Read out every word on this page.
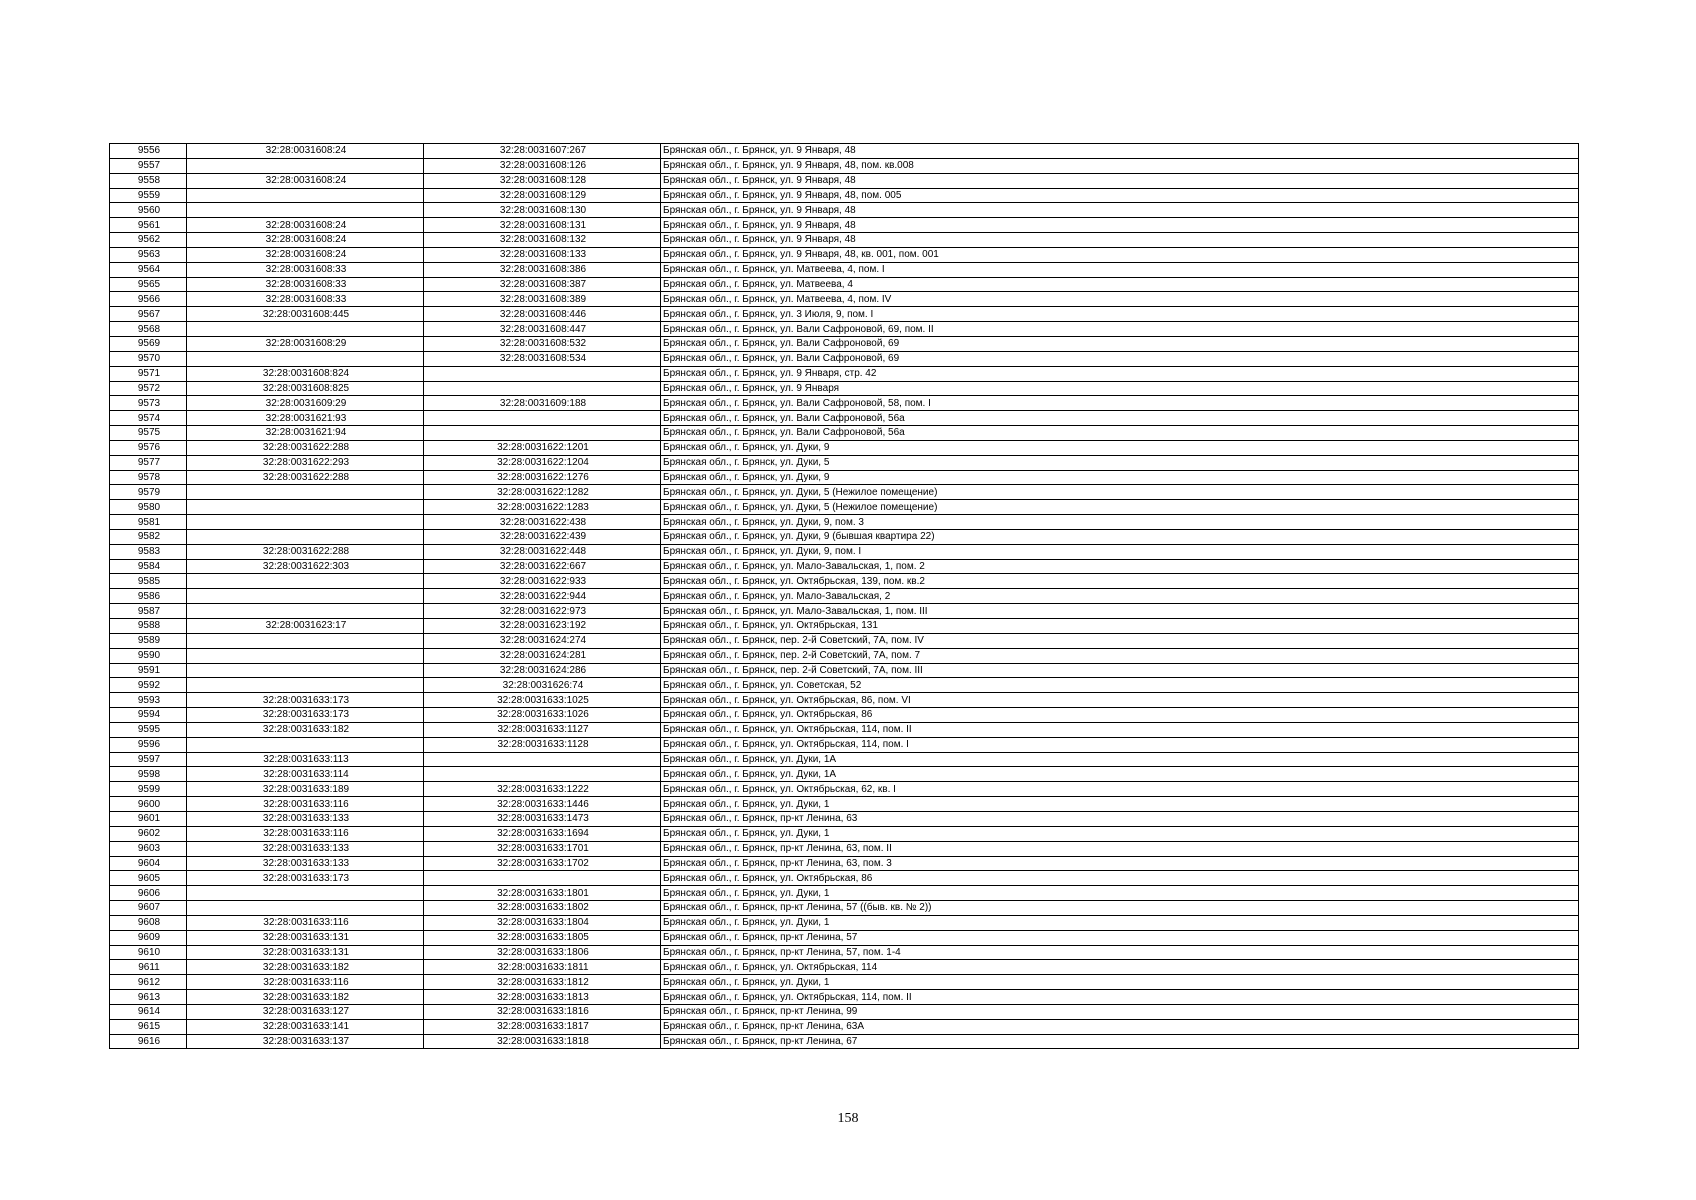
9556	32:28:0031608:24	32:28:0031607:267	Брянская обл., г. Брянск, ул. 9 Января, 48
9557		32:28:0031608:126	Брянская обл., г. Брянск, ул. 9 Января, 48, пом. кв.008
9558	32:28:0031608:24	32:28:0031608:128	Брянская обл., г. Брянск, ул. 9 Января, 48
9559		32:28:0031608:129	Брянская обл., г. Брянск, ул. 9 Января, 48, пом. 005
9560		32:28:0031608:130	Брянская обл., г. Брянск, ул. 9 Января, 48
9561	32:28:0031608:24	32:28:0031608:131	Брянская обл., г. Брянск, ул. 9 Января, 48
9562	32:28:0031608:24	32:28:0031608:132	Брянская обл., г. Брянск, ул. 9 Января, 48
9563	32:28:0031608:24	32:28:0031608:133	Брянская обл., г. Брянск, ул. 9 Января, 48, кв. 001, пом. 001
9564	32:28:0031608:33	32:28:0031608:386	Брянская обл., г. Брянск, ул. Матвеева, 4, пом. I
9565	32:28:0031608:33	32:28:0031608:387	Брянская обл., г. Брянск, ул. Матвеева, 4
9566	32:28:0031608:33	32:28:0031608:389	Брянская обл., г. Брянск, ул. Матвеева, 4, пом. IV
9567	32:28:0031608:445	32:28:0031608:446	Брянская обл., г. Брянск, ул. 3 Июля, 9, пом. I
9568		32:28:0031608:447	Брянская обл., г. Брянск, ул. Вали Сафроновой, 69, пом. II
9569	32:28:0031608:29	32:28:0031608:532	Брянская обл., г. Брянск, ул. Вали Сафроновой, 69
9570		32:28:0031608:534	Брянская обл., г. Брянск, ул. Вали Сафроновой, 69
9571	32:28:0031608:824		Брянская обл., г. Брянск, ул. 9 Января, стр. 42
9572	32:28:0031608:825		Брянская обл., г. Брянск, ул. 9 Января
9573	32:28:0031609:29	32:28:0031609:188	Брянская обл., г. Брянск, ул. Вали Сафроновой, 58, пом. I
9574	32:28:0031621:93		Брянская обл., г. Брянск, ул. Вали Сафроновой, 56а
9575	32:28:0031621:94		Брянская обл., г. Брянск, ул. Вали Сафроновой, 56а
9576	32:28:0031622:288	32:28:0031622:1201	Брянская обл., г. Брянск, ул. Дуки, 9
9577	32:28:0031622:293	32:28:0031622:1204	Брянская обл., г. Брянск, ул. Дуки, 5
9578	32:28:0031622:288	32:28:0031622:1276	Брянская обл., г. Брянск, ул. Дуки, 9
9579		32:28:0031622:1282	Брянская обл., г. Брянск, ул. Дуки, 5 (Нежилое помещение)
9580		32:28:0031622:1283	Брянская обл., г. Брянск, ул. Дуки, 5 (Нежилое помещение)
9581		32:28:0031622:438	Брянская обл., г. Брянск, ул. Дуки, 9, пом. 3
9582		32:28:0031622:439	Брянская обл., г. Брянск, ул. Дуки, 9 (бывшая квартира 22)
9583	32:28:0031622:288	32:28:0031622:448	Брянская обл., г. Брянск, ул. Дуки, 9, пом. I
9584	32:28:0031622:303	32:28:0031622:667	Брянская обл., г. Брянск, ул. Мало-Завальская, 1, пом. 2
9585		32:28:0031622:933	Брянская обл., г. Брянск, ул. Октябрьская, 139, пом. кв.2
9586		32:28:0031622:944	Брянская обл., г. Брянск, ул. Мало-Завальская, 2
9587		32:28:0031622:973	Брянская обл., г. Брянск, ул. Мало-Завальская, 1, пом. III
9588	32:28:0031623:17	32:28:0031623:192	Брянская обл., г. Брянск, ул. Октябрьская, 131
9589		32:28:0031624:274	Брянская обл., г. Брянск, пер. 2-й Советский, 7А, пом. IV
9590		32:28:0031624:281	Брянская обл., г. Брянск, пер. 2-й Советский, 7А, пом. 7
9591		32:28:0031624:286	Брянская обл., г. Брянск, пер. 2-й Советский, 7А, пом. III
9592		32:28:0031626:74	Брянская обл., г. Брянск, ул. Советская, 52
9593	32:28:0031633:173	32:28:0031633:1025	Брянская обл., г. Брянск, ул. Октябрьская, 86, пом. VI
9594	32:28:0031633:173	32:28:0031633:1026	Брянская обл., г. Брянск, ул. Октябрьская, 86
9595	32:28:0031633:182	32:28:0031633:1127	Брянская обл., г. Брянск, ул. Октябрьская, 114, пом. II
9596		32:28:0031633:1128	Брянская обл., г. Брянск, ул. Октябрьская, 114, пом. I
9597	32:28:0031633:113		Брянская обл., г. Брянск, ул. Дуки, 1А
9598	32:28:0031633:114		Брянская обл., г. Брянск, ул. Дуки, 1А
9599	32:28:0031633:189	32:28:0031633:1222	Брянская обл., г. Брянск, ул. Октябрьская, 62, кв. I
9600	32:28:0031633:116	32:28:0031633:1446	Брянская обл., г. Брянск, ул. Дуки, 1
9601	32:28:0031633:133	32:28:0031633:1473	Брянская обл., г. Брянск, пр-кт Ленина, 63
9602	32:28:0031633:116	32:28:0031633:1694	Брянская обл., г. Брянск, ул. Дуки, 1
9603	32:28:0031633:133	32:28:0031633:1701	Брянская обл., г. Брянск, пр-кт Ленина, 63, пом. II
9604	32:28:0031633:133	32:28:0031633:1702	Брянская обл., г. Брянск, пр-кт Ленина, 63, пом. 3
9605	32:28:0031633:173		Брянская обл., г. Брянск, ул. Октябрьская, 86
9606		32:28:0031633:1801	Брянская обл., г. Брянск, ул. Дуки, 1
9607		32:28:0031633:1802	Брянская обл., г. Брянск, пр-кт Ленина, 57 ((быв. кв. № 2))
9608	32:28:0031633:116	32:28:0031633:1804	Брянская обл., г. Брянск, ул. Дуки, 1
9609	32:28:0031633:131	32:28:0031633:1805	Брянская обл., г. Брянск, пр-кт Ленина, 57
9610	32:28:0031633:131	32:28:0031633:1806	Брянская обл., г. Брянск, пр-кт Ленина, 57, пом. 1-4
9611	32:28:0031633:182	32:28:0031633:1811	Брянская обл., г. Брянск, ул. Октябрьская, 114
9612	32:28:0031633:116	32:28:0031633:1812	Брянская обл., г. Брянск, ул. Дуки, 1
9613	32:28:0031633:182	32:28:0031633:1813	Брянская обл., г. Брянск, ул. Октябрьская, 114, пом. II
9614	32:28:0031633:127	32:28:0031633:1816	Брянская обл., г. Брянск, пр-кт Ленина, 99
9615	32:28:0031633:141	32:28:0031633:1817	Брянская обл., г. Брянск, пр-кт Ленина, 63А
9616	32:28:0031633:137	32:28:0031633:1818	Брянская обл., г. Брянск, пр-кт Ленина, 67
158
